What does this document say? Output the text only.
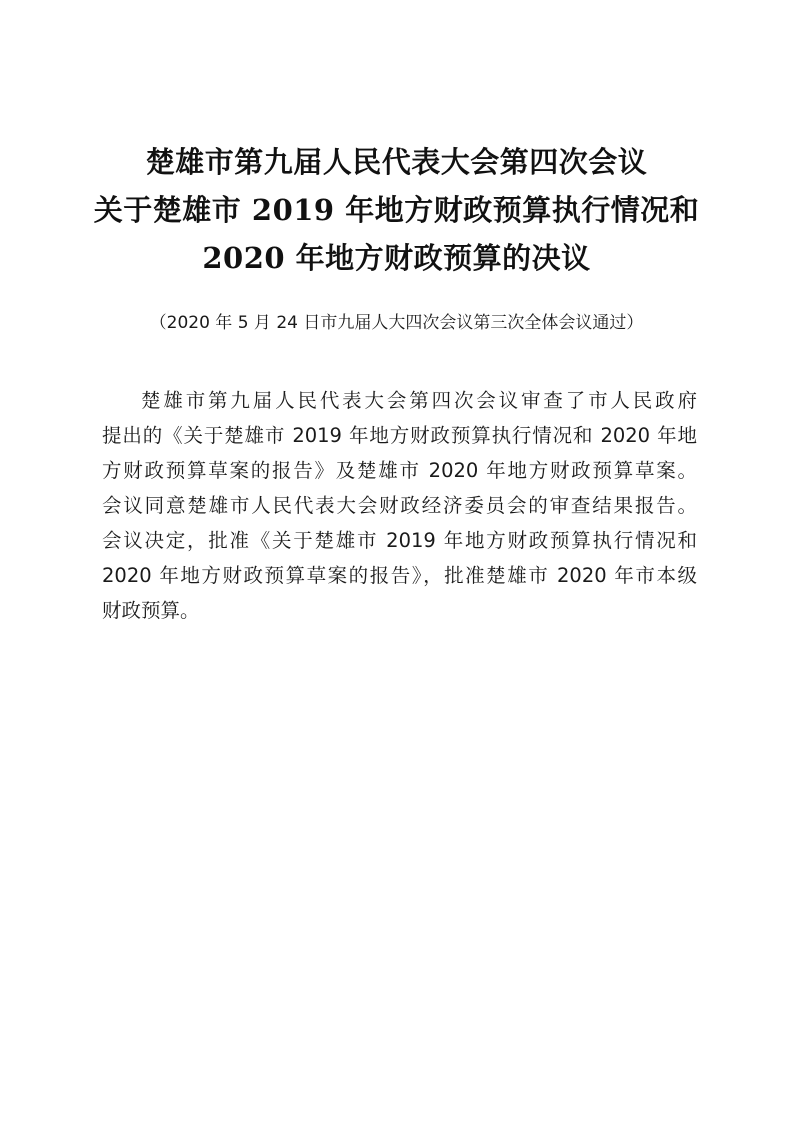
楚雄市第九届人民代表大会第四次会议
关于楚雄市 2019 年地方财政预算执行情况和
2020 年地方财政预算的决议
（2020 年 5 月 24 日市九届人大四次会议第三次全体会议通过）
楚雄市第九届人民代表大会第四次会议审查了市人民政府
提出的《关于楚雄市 2019 年地方财政预算执行情况和 2020 年地
方财政预算草案的报告》及楚雄市 2020 年地方财政预算草案。
会议同意楚雄市人民代表大会财政经济委员会的审查结果报告。
会议决定，批准《关于楚雄市 2019 年地方财政预算执行情况和
2020 年地方财政预算草案的报告》，批准楚雄市 2020 年市本级
财政预算。
